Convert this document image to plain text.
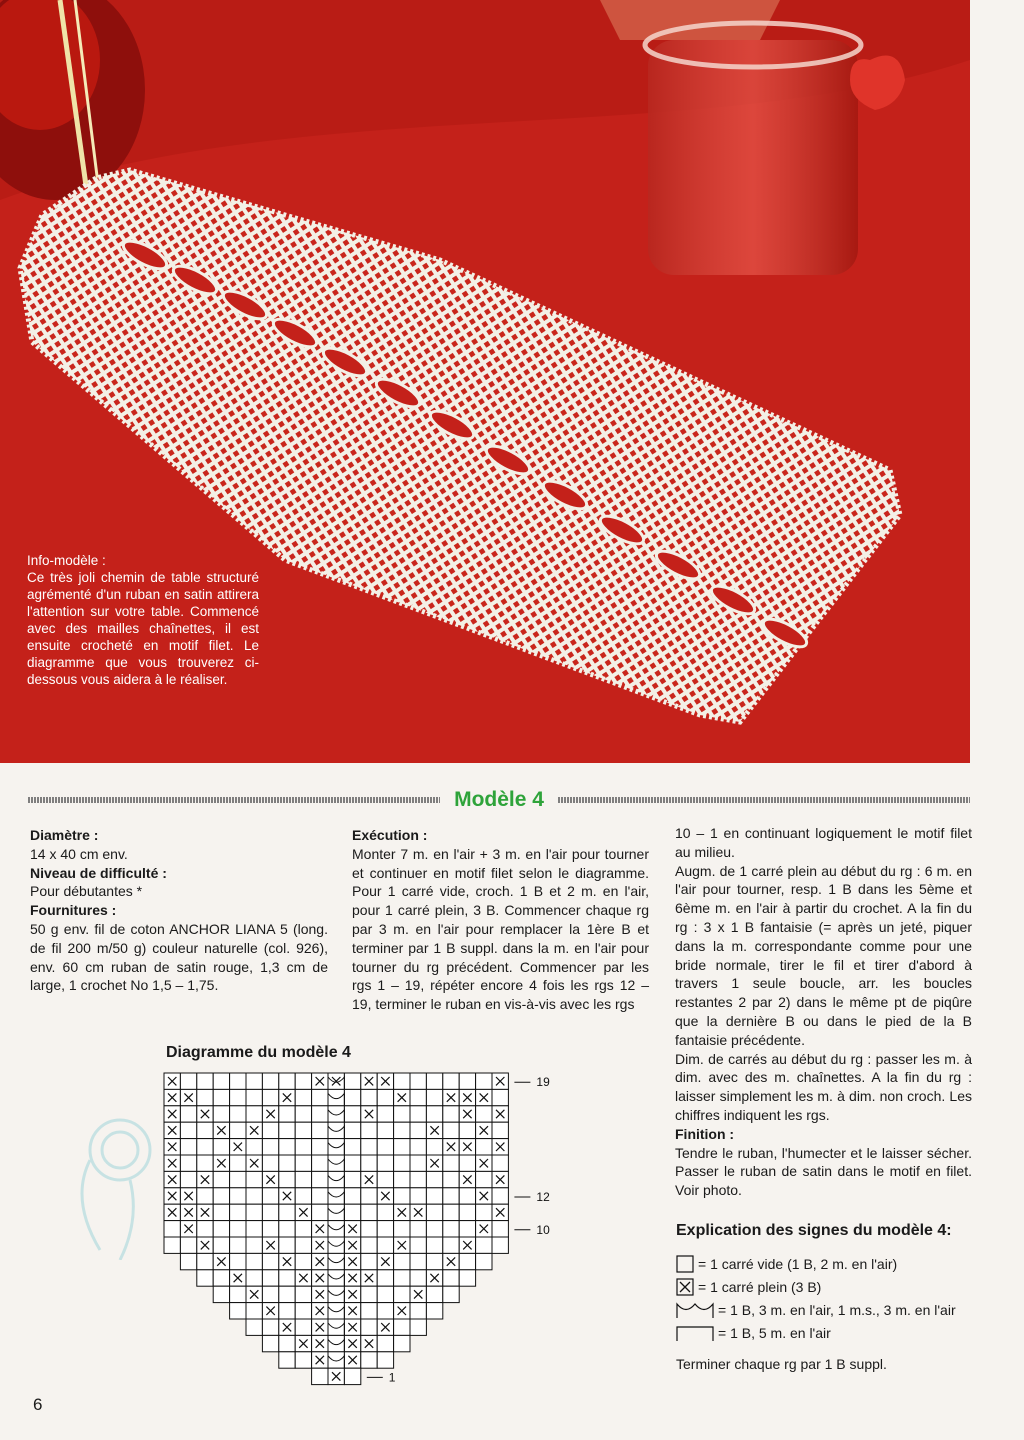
Info-modèle :
Ce très joli chemin de table structuré agrémenté d'un ruban en satin attirera l'attention sur votre table. Commencé avec des mailles chaînettes, il est ensuite crocheté en motif filet. Le diagramme que vous trouverez ci-dessous vous aidera à le réaliser.
Modèle 4

Diamètre :

14 x 40 cm env.

Niveau de difficulté :

Pour débutantes *

Fournitures :

50 g env. fil de coton ANCHOR LIANA 5 (long. de fil 200 m/50 g) couleur naturelle (col. 926), env. 60 cm ruban de satin rouge, 1,3 cm de large, 1 crochet No 1,5 – 1,75.

Exécution :

Monter 7 m. en l'air + 3 m. en l'air pour tourner et continuer en motif filet selon le diagramme. Pour 1 carré vide, croch. 1 B et 2 m. en l'air, pour 1 carré plein, 3 B. Commencer chaque rg par 3 m. en l'air pour remplacer la 1ère B et terminer par 1 B suppl. dans la m. en l'air pour tourner du rg précédent. Commencer par les rgs 1 – 19, répéter encore 4 fois les rgs 12 – 19, terminer le ruban en vis-à-vis avec les rgs

10 – 1 en continuant logiquement le motif filet au milieu.

Augm. de 1 carré plein au début du rg : 6 m. en l'air pour tourner, resp. 1 B dans les 5ème et 6ème m. en l'air à partir du crochet. A la fin du rg : 3 x 1 B fantaisie (= après un jeté, piquer dans la m. correspondante comme pour une bride normale, tirer le fil et tirer d'abord à travers 1 seule boucle, arr. les boucles restantes 2 par 2) dans le même pt de piqûre que la dernière B ou dans le pied de la B fantaisie précédente.

Dim. de carrés au début du rg : passer les m. à dim. avec des m. chaînettes. A la fin du rg : laisser simplement les m. à dim. non croch. Les chiffres indiquent les rgs.

Finition :

Tendre le ruban, l'humecter et le laisser sécher. Passer le ruban de satin dans le motif en filet. Voir photo.

Diagramme du modèle 4
19
12
10
1
Explication des signes du modèle 4:
= 1 carré vide (1 B, 2 m. en l'air)
= 1 carré plein (3 B)
= 1 B, 3 m. en l'air, 1 m.s., 3 m. en l'air
= 1 B, 5 m. en l'air
Terminer chaque rg par 1 B suppl.
6
